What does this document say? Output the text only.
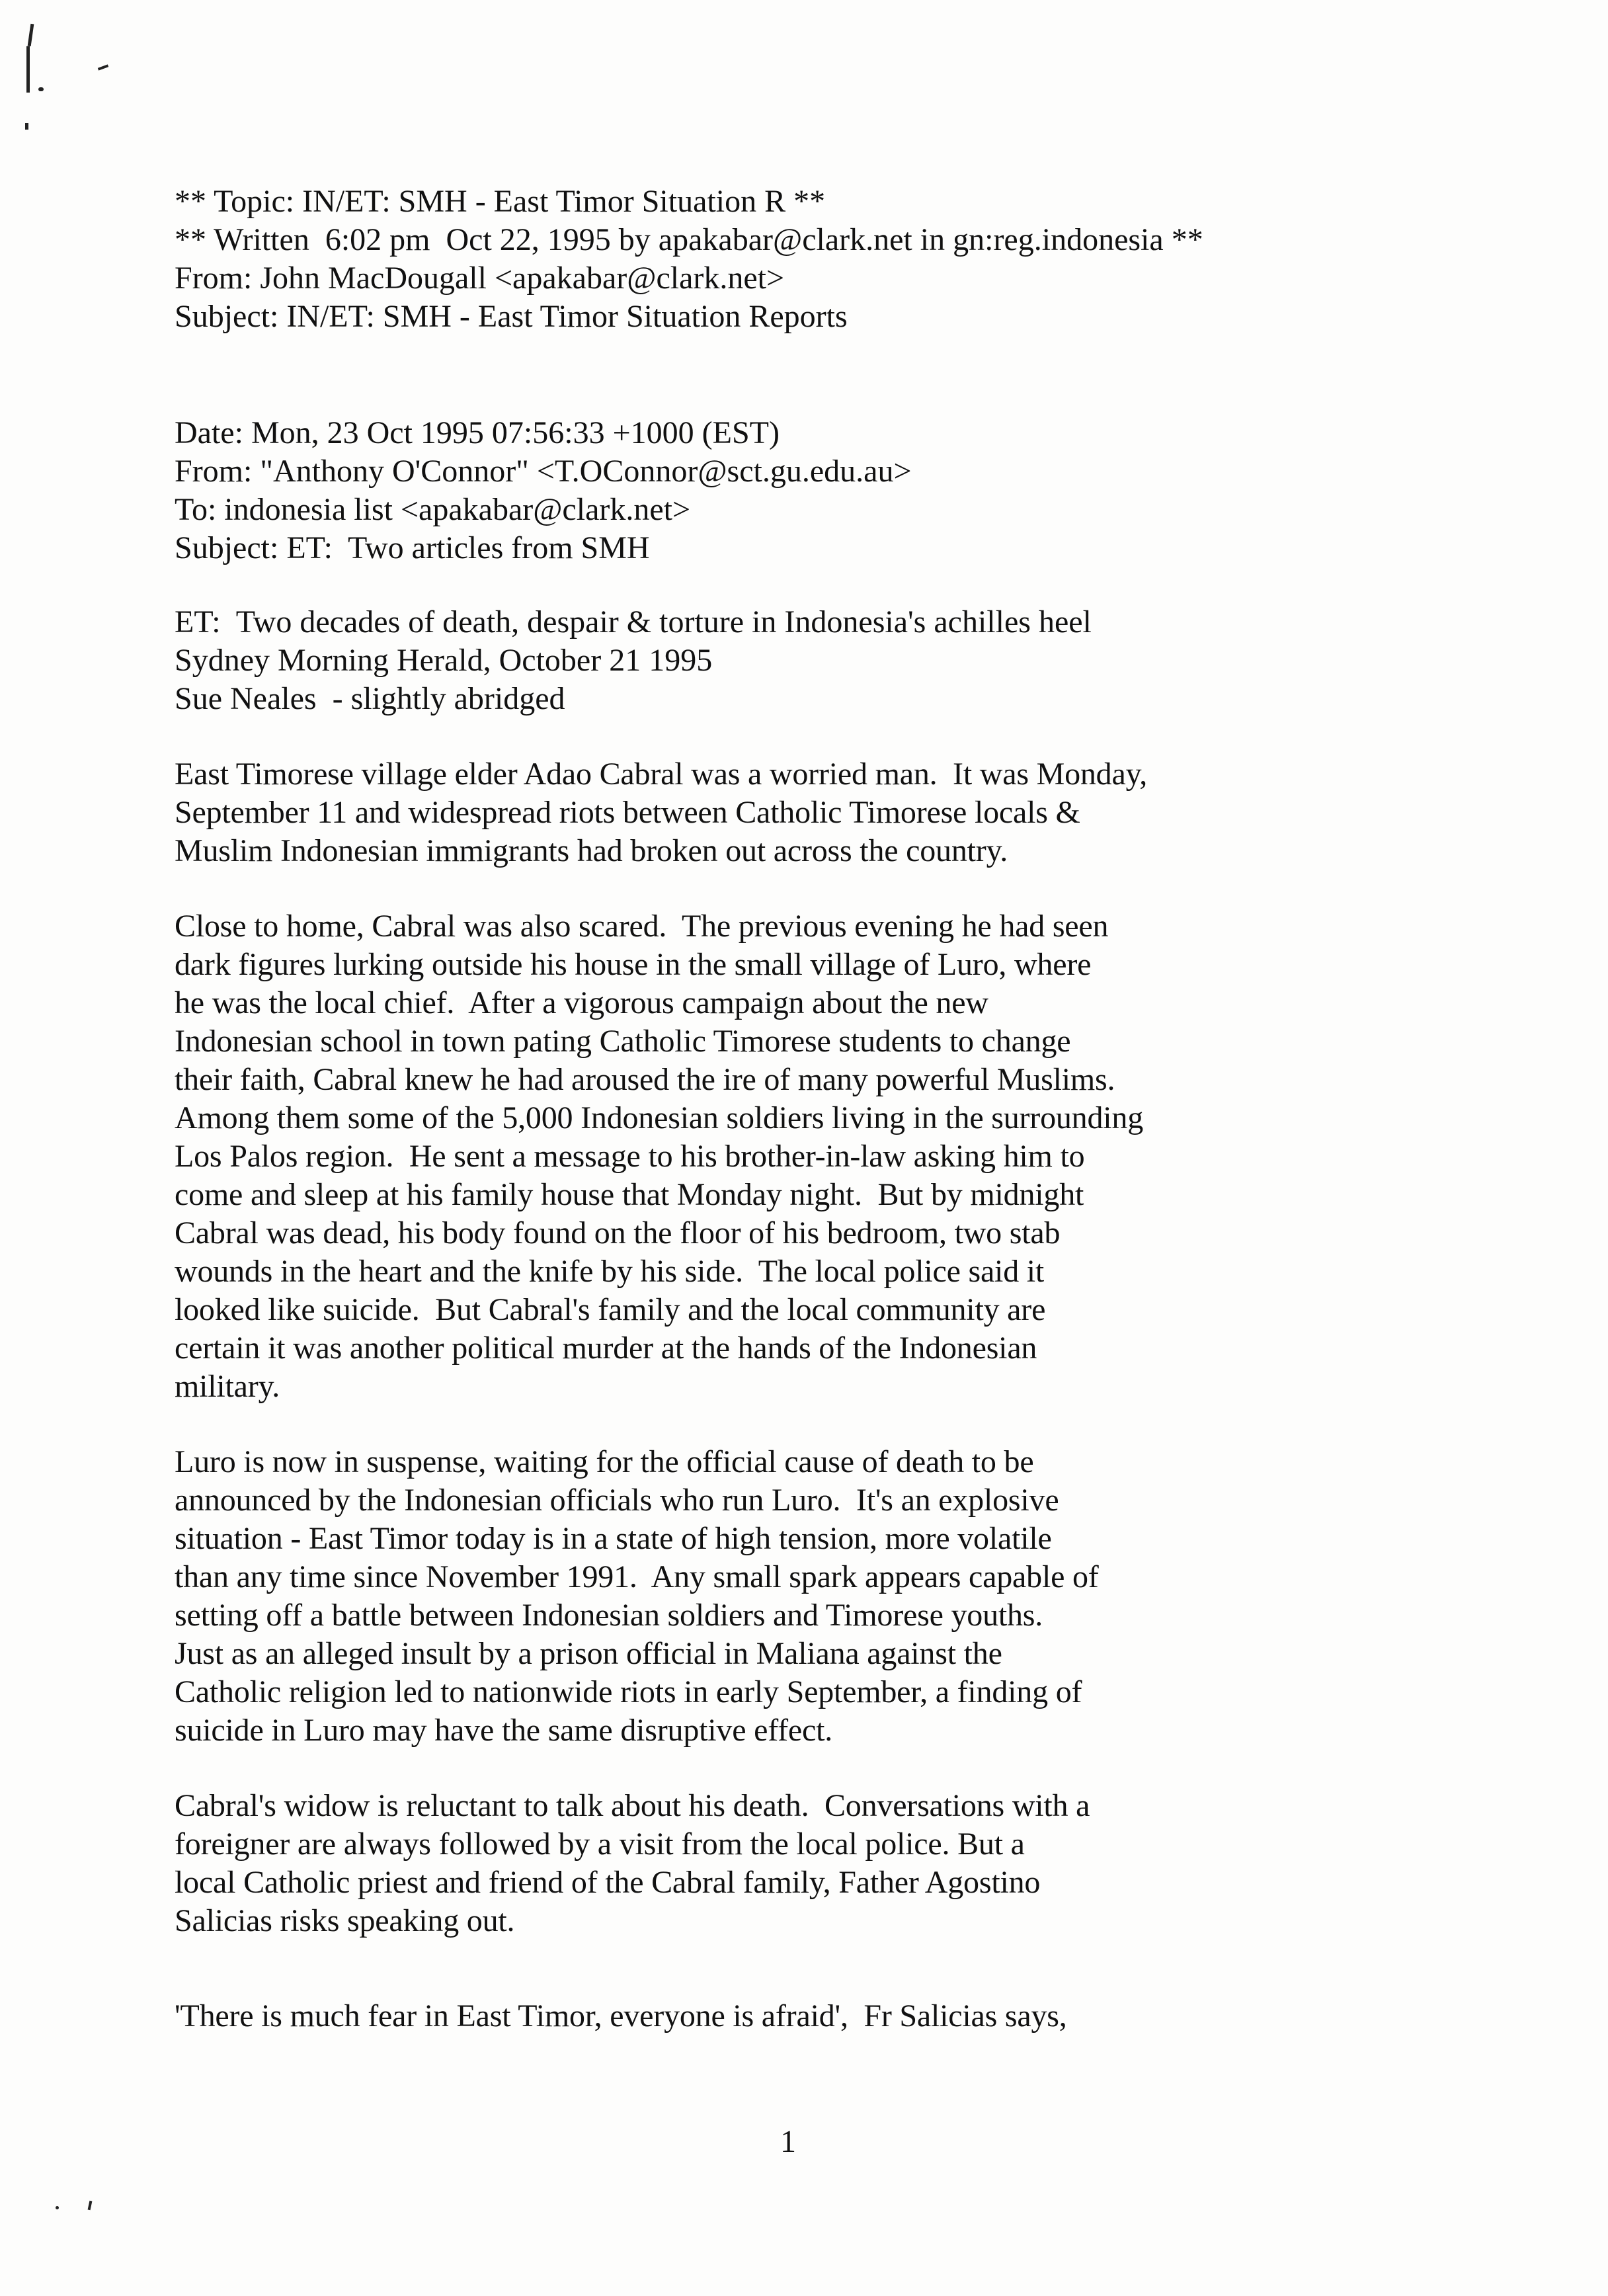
** Topic: IN/ET: SMH - East Timor Situation R **
** Written  6:02 pm  Oct 22, 1995 by apakabar@clark.net in gn:reg.indonesia **
From: John MacDougall <apakabar@clark.net>
Subject: IN/ET: SMH - East Timor Situation Reports
Date: Mon, 23 Oct 1995 07:56:33 +1000 (EST)
From: "Anthony O'Connor" <T.OConnor@sct.gu.edu.au>
To: indonesia list <apakabar@clark.net>
Subject: ET:  Two articles from SMH
ET:  Two decades of death, despair & torture in Indonesia's achilles heel
Sydney Morning Herald, October 21 1995
Sue Neales  - slightly abridged
East Timorese village elder Adao Cabral was a worried man.  It was Monday,
September 11 and widespread riots between Catholic Timorese locals &
Muslim Indonesian immigrants had broken out across the country.
Close to home, Cabral was also scared.  The previous evening he had seen
dark figures lurking outside his house in the small village of Luro, where
he was the local chief.  After a vigorous campaign about the new
Indonesian school in town pating Catholic Timorese students to change
their faith, Cabral knew he had aroused the ire of many powerful Muslims.
Among them some of the 5,000 Indonesian soldiers living in the surrounding
Los Palos region.  He sent a message to his brother-in-law asking him to
come and sleep at his family house that Monday night.  But by midnight
Cabral was dead, his body found on the floor of his bedroom, two stab
wounds in the heart and the knife by his side.  The local police said it
looked like suicide.  But Cabral's family and the local community are
certain it was another political murder at the hands of the Indonesian
military.
Luro is now in suspense, waiting for the official cause of death to be
announced by the Indonesian officials who run Luro.  It's an explosive
situation - East Timor today is in a state of high tension, more volatile
than any time since November 1991.  Any small spark appears capable of
setting off a battle between Indonesian soldiers and Timorese youths.
Just as an alleged insult by a prison official in Maliana against the
Catholic religion led to nationwide riots in early September, a finding of
suicide in Luro may have the same disruptive effect.
Cabral's widow is reluctant to talk about his death.  Conversations with a
foreigner are always followed by a visit from the local police. But a
local Catholic priest and friend of the Cabral family, Father Agostino
Salicias risks speaking out.
'There is much fear in East Timor, everyone is afraid',  Fr Salicias says,
1
